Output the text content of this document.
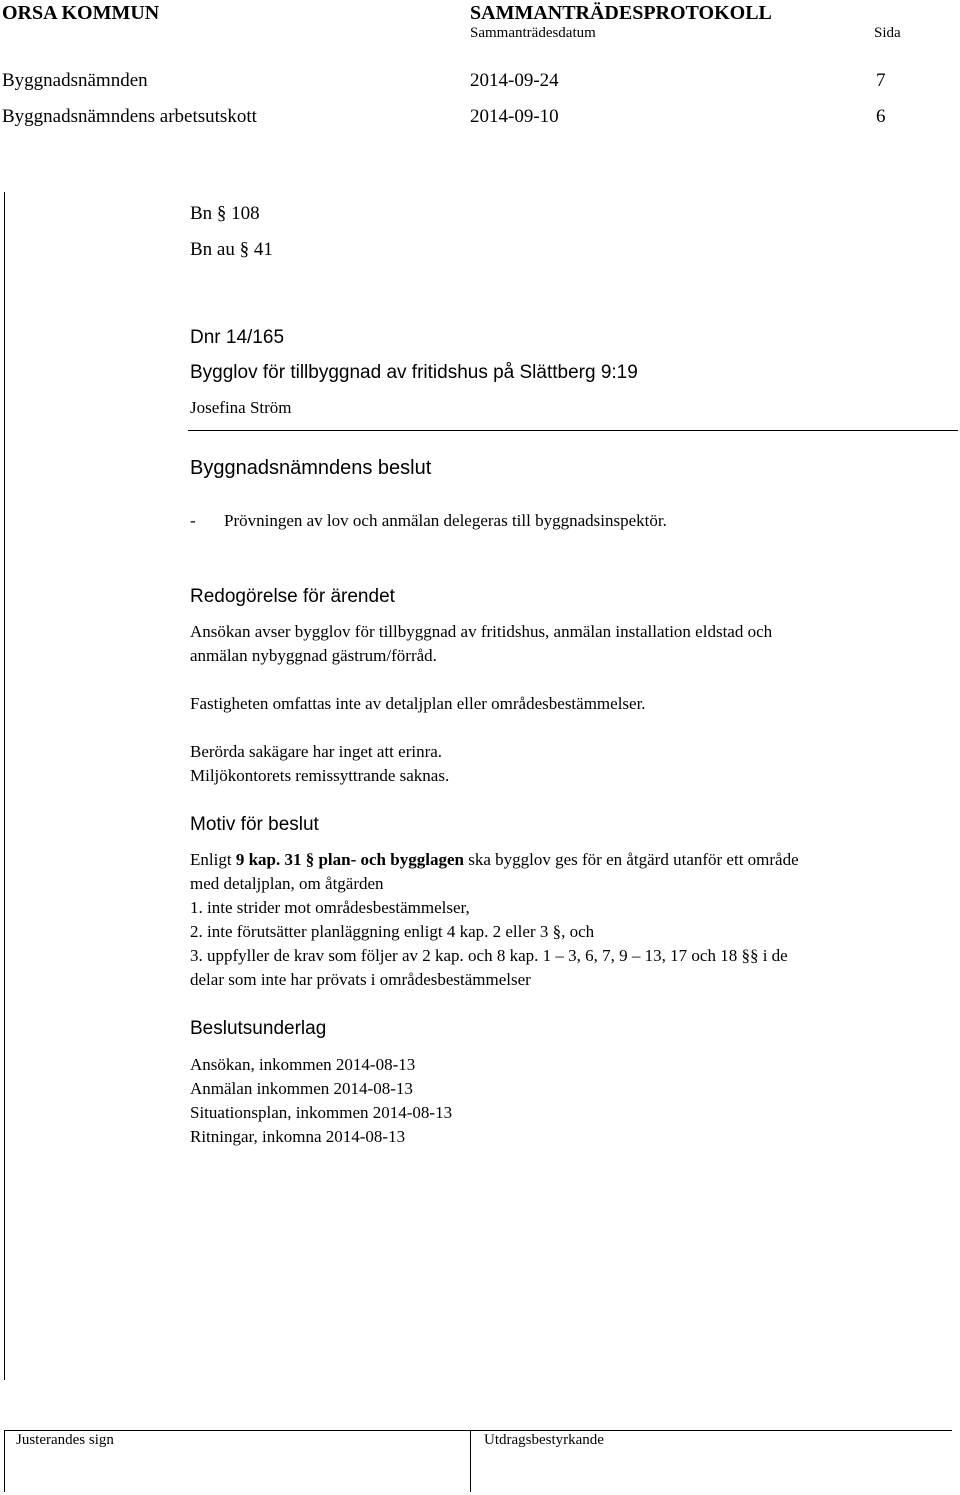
ORSA KOMMUN	SAMMANTRÄDESPROTOKOLL
Sammanträdesdatum	Sida
Byggnadsnämnden	2014-09-24	7
Byggnadsnämndens arbetsutskott	2014-09-10	6
Bn § 108
Bn au § 41
Dnr 14/165
Bygglov för tillbyggnad av fritidshus på Slättberg 9:19
Josefina Ström
Byggnadsnämndens beslut
- Prövningen av lov och anmälan delegeras till byggnadsinspektör.
Redogörelse för ärendet
Ansökan avser bygglov för tillbyggnad av fritidshus, anmälan installation eldstad och
anmälan nybyggnad gästrum/förråd.
Fastigheten omfattas inte av detaljplan eller områdesbestämmelser.
Berörda sakägare har inget att erinra.
Miljökontorets remissyttrande saknas.
Motiv för beslut
Enligt 9 kap. 31 § plan- och bygglagen ska bygglov ges för en åtgärd utanför ett område
med detaljplan, om åtgärden
1. inte strider mot områdesbestämmelser,
2. inte förutsätter planläggning enligt 4 kap. 2 eller 3 §, och
3. uppfyller de krav som följer av 2 kap. och 8 kap. 1 – 3, 6, 7, 9 – 13, 17 och 18 §§ i de
delar som inte har prövats i områdesbestämmelser
Beslutsunderlag
Ansökan, inkommen 2014-08-13
Anmälan inkommen 2014-08-13
Situationsplan, inkommen 2014-08-13
Ritningar, inkomna 2014-08-13
Justerandes sign	Utdragsbestyrkande
